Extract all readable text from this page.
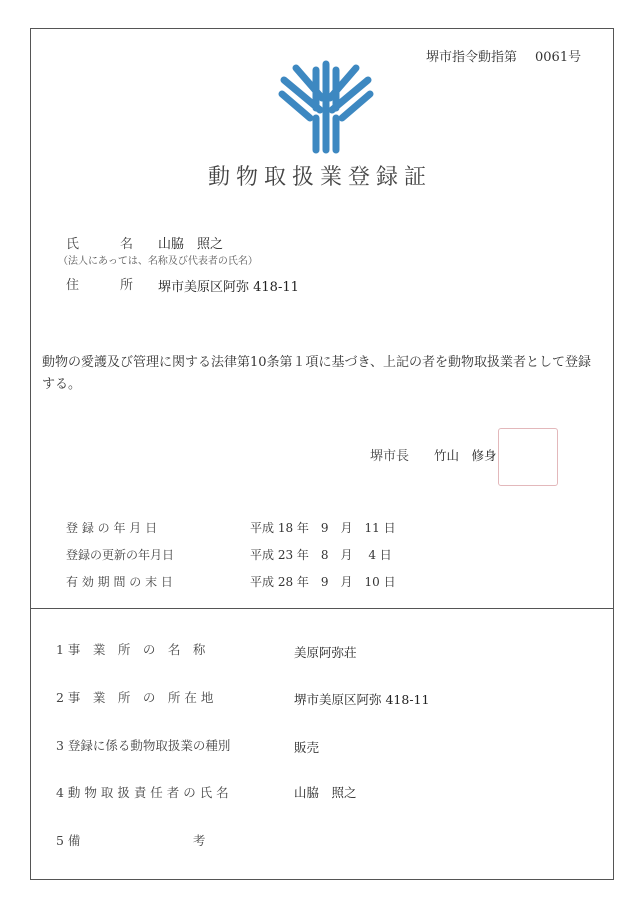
堺市指令動指第 0061号
動物取扱業登録証
氏　名 山脇　照之
（法人にあっては、名称及び代表者の氏名）
住　所 堺市美原区阿弥 418-11
動物の愛護及び管理に関する法律第10条第１項に基づき、上記の者を動物取扱業者として登録する。
堺市長 竹山　修身
登 録 の 年 月 日	平成 18 年　9　月　11 日
登録の更新の年月日	平成 23 年　8　月　 4 日
有 効 期 間 の 末 日	平成 28 年　9　月　10 日
1 事　業　所　の　名　称	美原阿弥荘
2 事　業　所　の　所 在 地	堺市美原区阿弥 418-11
3 登録に係る動物取扱業の種別	販売
4 動 物 取 扱 責 任 者 の 氏 名	山脇　照之
5 備　　　　　　　　　考
